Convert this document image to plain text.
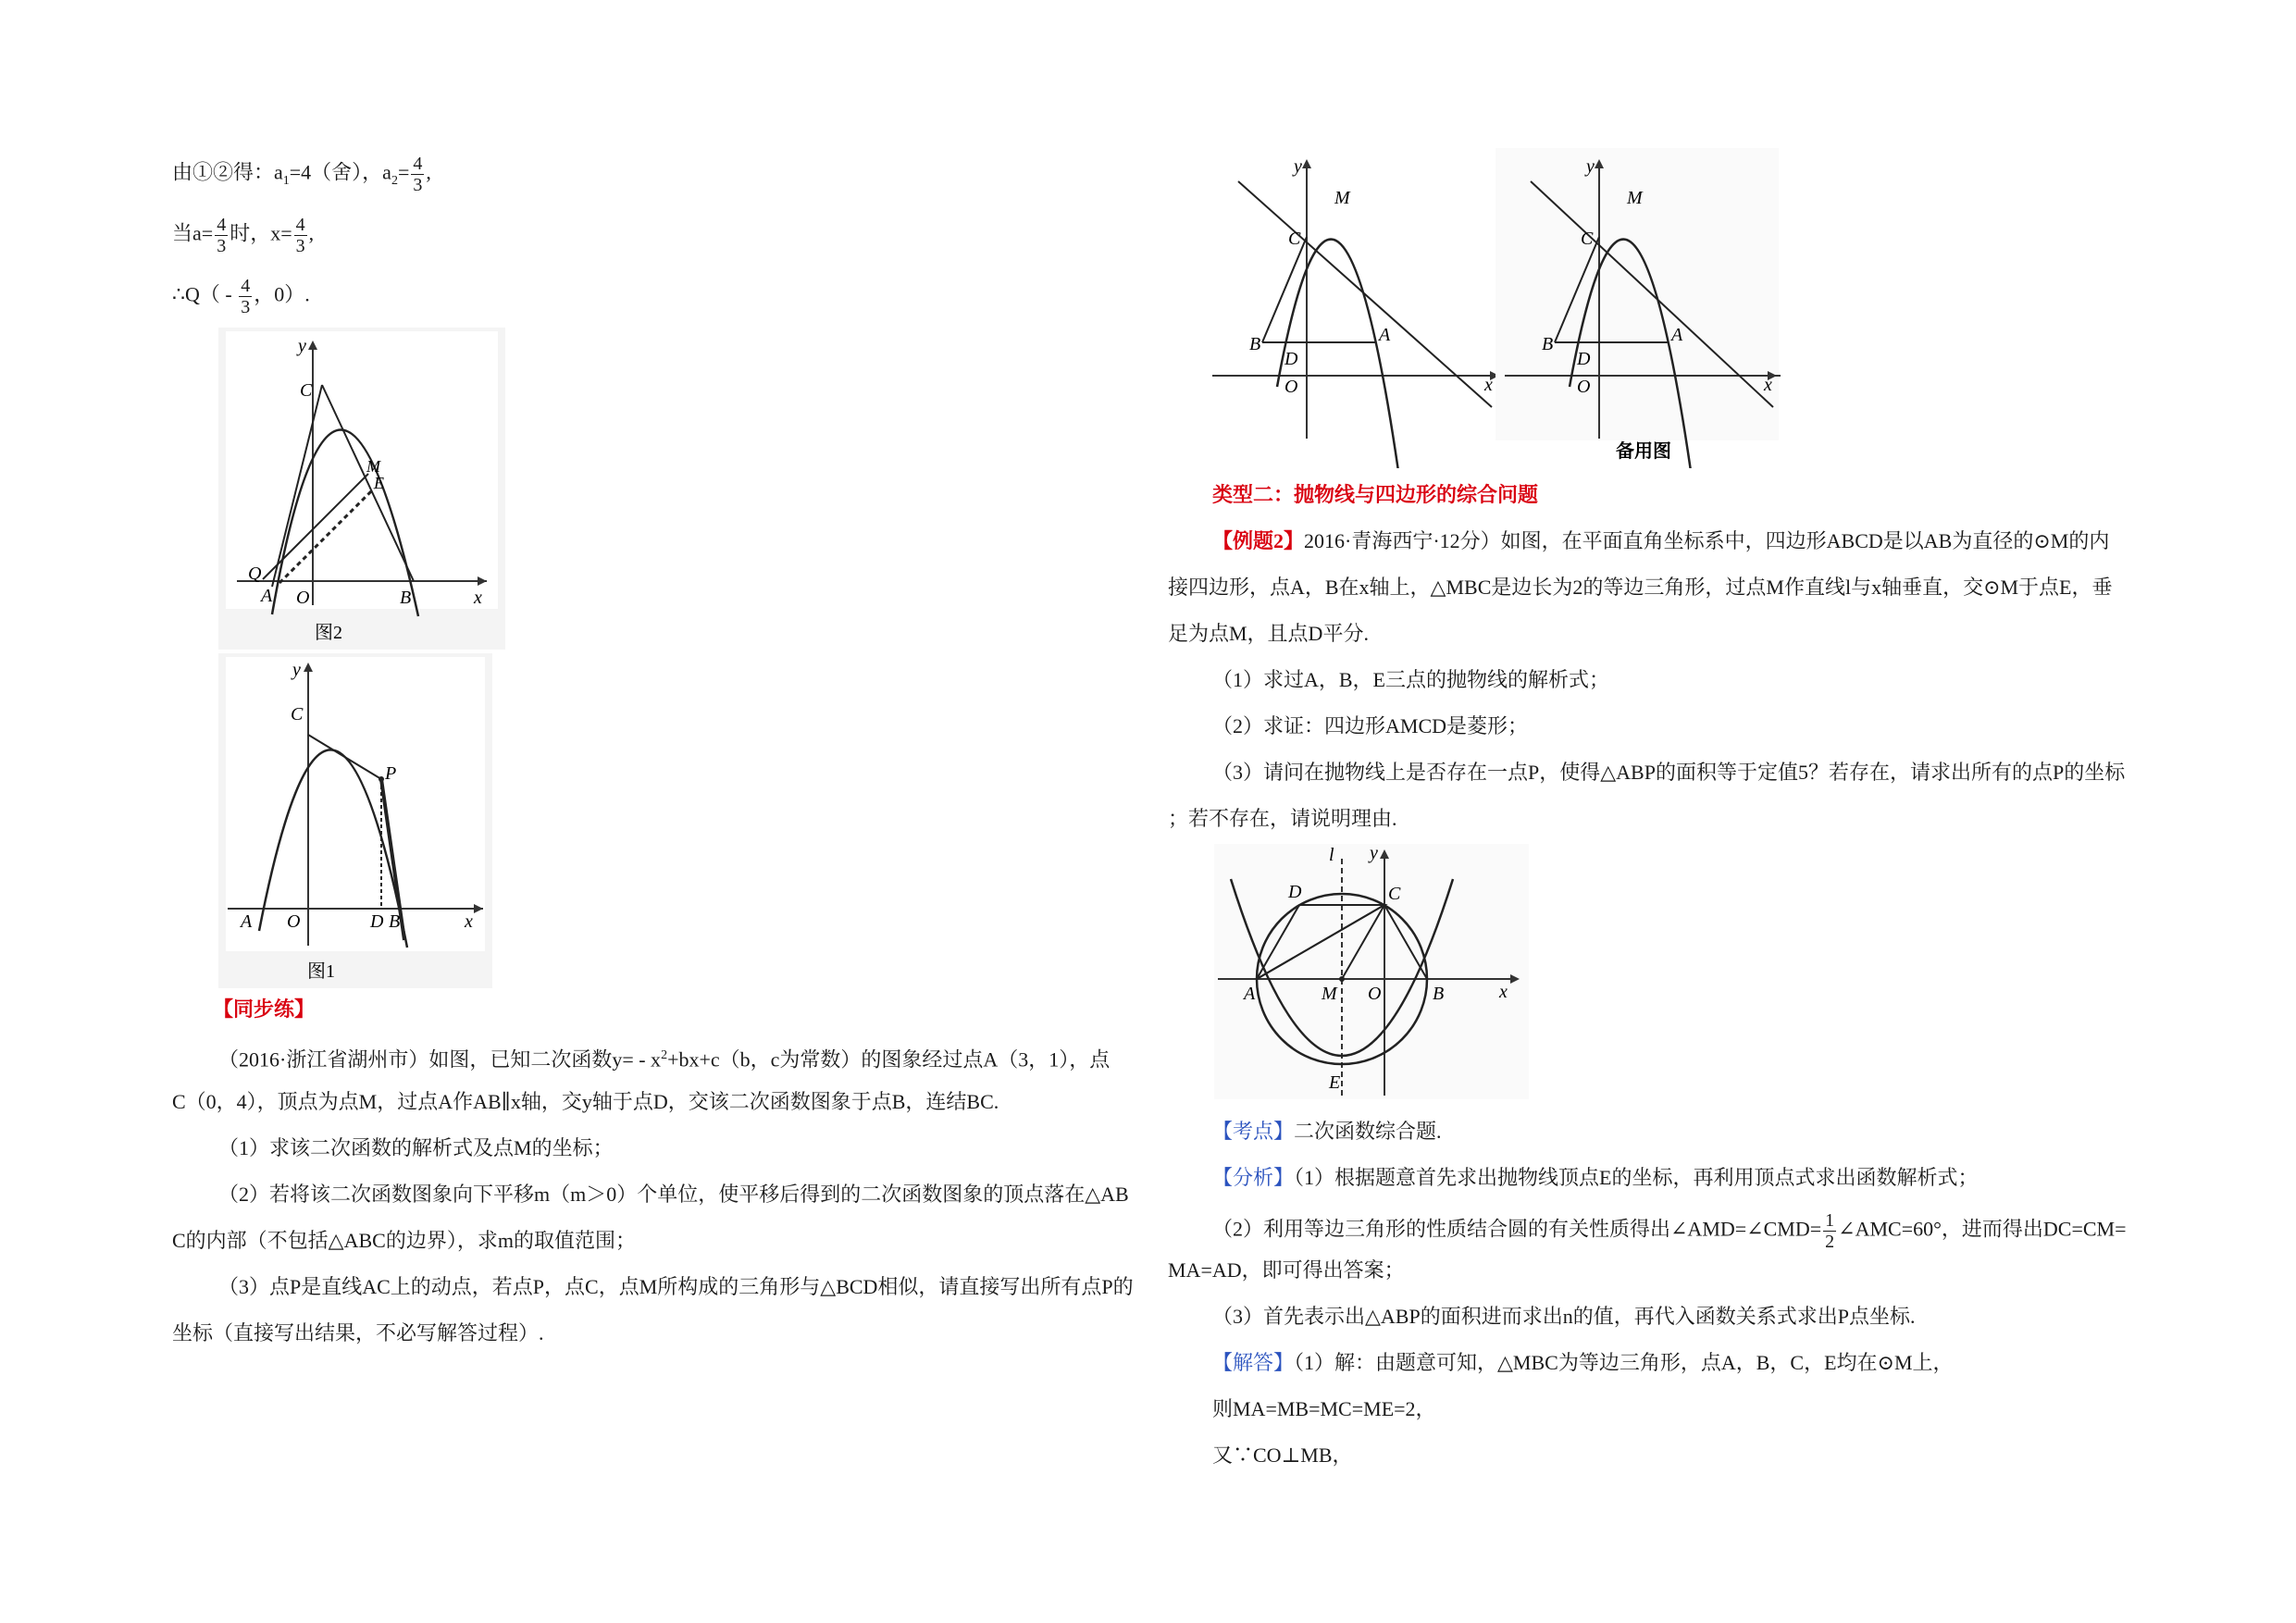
由①②得：$a_1=4$（舍），$a_2= \frac{4}{3}$ ,
当$a= \frac{4}{3}$ 时，$x= \frac{4}{3}$ ,
∴Q（ - $\frac{4}{3}$ ，0）.
y
C
M
E
Q
A O	B	x
图2
y
C
P
A O	D B	x
图1
【同步练】
（2016·浙江省湖州市）如图，已知二次函数$y= - x^2+bx+c(b$，c为常数）的图象经过点A（3，1），点
C（0，4），顶点为点M，过点A作AB∥x轴，交y轴于点D，交该二次函数图象于点B，连结BC.
（1）求该二次函数的解析式及点M的坐标；
（2）若将该二次函数图象向下平移m（m＞0）个单位，使平移后得到的二次函数图象的顶点落在△AB
C的内部（不包括△ABC的边界），求m的取值范围；
（3）点P是直线AC上的动点，若点P，点C，点M所构成的三角形与△BCD相似，请直接写出所有点P的
坐标（直接写出结果，不必写解答过程）.
y
M
C
B
D
A
O	x
y
M
C
B
D
A
O	x
备用图
类型二：抛物线与四边形的综合问题
【例题2】2016·青海西宁·12分）如图，在平面直角坐标系中，四边形ABCD是以AB为直径的⊙M的内
接四边形，点A，B在x轴上，△MBC是边长为2的等边三角形，过点M作直线l与x轴垂直，交⊙M于点E，垂
足为点M，且点D平分.
（1）求过A，B，E三点的抛物线的解析式；
（2）求证：四边形AMCD是菱形；
（3）请问在抛物线上是否存在一点P，使得△ABP的面积等于定值5？若存在，请求出所有的点P的坐标
；若不存在，请说明理由.
l y
D	C
A	M O	B	x
E
【考点】二次函数综合题.
【分析】（1）根据题意首先求出抛物线顶点E的坐标，再利用顶点式求出函数解析式；
（2）利用等边三角形的性质结合圆的有关性质得出∠AMD=∠CMD= $\frac{1}{2}$ ∠AMC=60°，进而得出DC=CM=
MA=AD，即可得出答案；
（3）首先表示出△ABP的面积进而求出n的值，再代入函数关系式求出P点坐标.
【解答】（1）解：由题意可知，△MBC为等边三角形，点A，B，C，E均在⊙M上，
则MA=MB=MC=ME=2，
又∵CO⊥MB，
